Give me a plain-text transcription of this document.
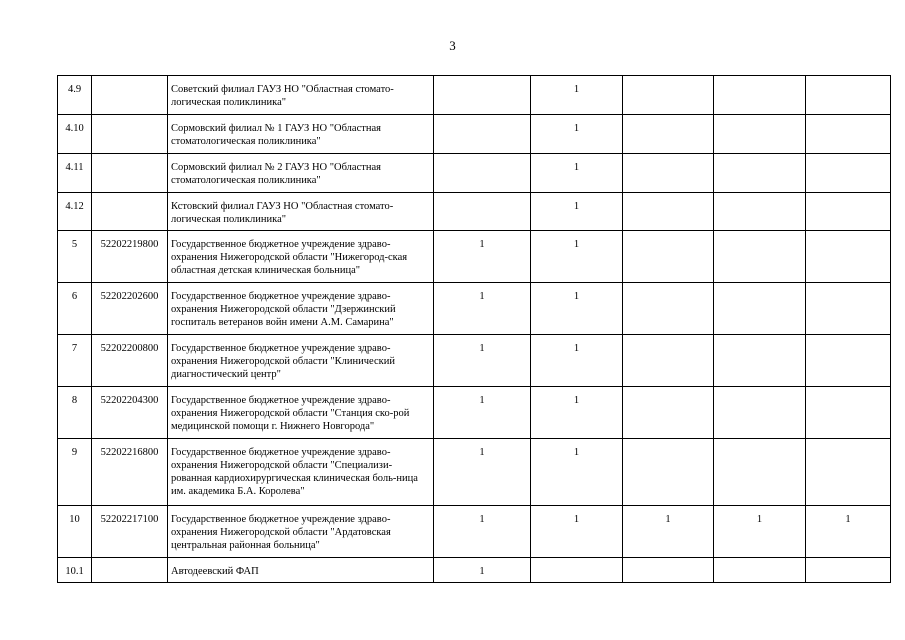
3
4.9		Советский филиал ГАУЗ НО "Областная стомато-логическая поликлиника"		1			
4.10		Сормовский филиал № 1 ГАУЗ НО "Областная стоматологическая поликлиника"		1			
4.11		Сормовский филиал № 2 ГАУЗ НО "Областная стоматологическая поликлиника"		1			
4.12		Кстовский филиал ГАУЗ НО "Областная стомато-логическая поликлиника"		1			
5	52202219800	Государственное бюджетное учреждение здраво-охранения Нижегородской области "Нижегород-ская областная детская клиническая больница"	1	1			
6	52202202600	Государственное бюджетное учреждение здраво-охранения Нижегородской области "Дзержинский госпиталь ветеранов войн имени А.М. Самарина"	1	1			
7	52202200800	Государственное бюджетное учреждение здраво-охранения Нижегородской области "Клинический диагностический центр"	1	1			
8	52202204300	Государственное бюджетное учреждение здраво-охранения Нижегородской области "Станция ско-рой медицинской помощи г. Нижнего Новгорода"	1	1			
9	52202216800	Государственное бюджетное учреждение здраво-охранения Нижегородской области "Специализи-рованная кардиохирургическая клиническая боль-ница им. академика Б.А. Королева"	1	1			
10	52202217100	Государственное бюджетное учреждение здраво-охранения Нижегородской области "Ардатовская центральная районная больница"	1	1	1	1	1
10.1		Автодеевский ФАП	1				
